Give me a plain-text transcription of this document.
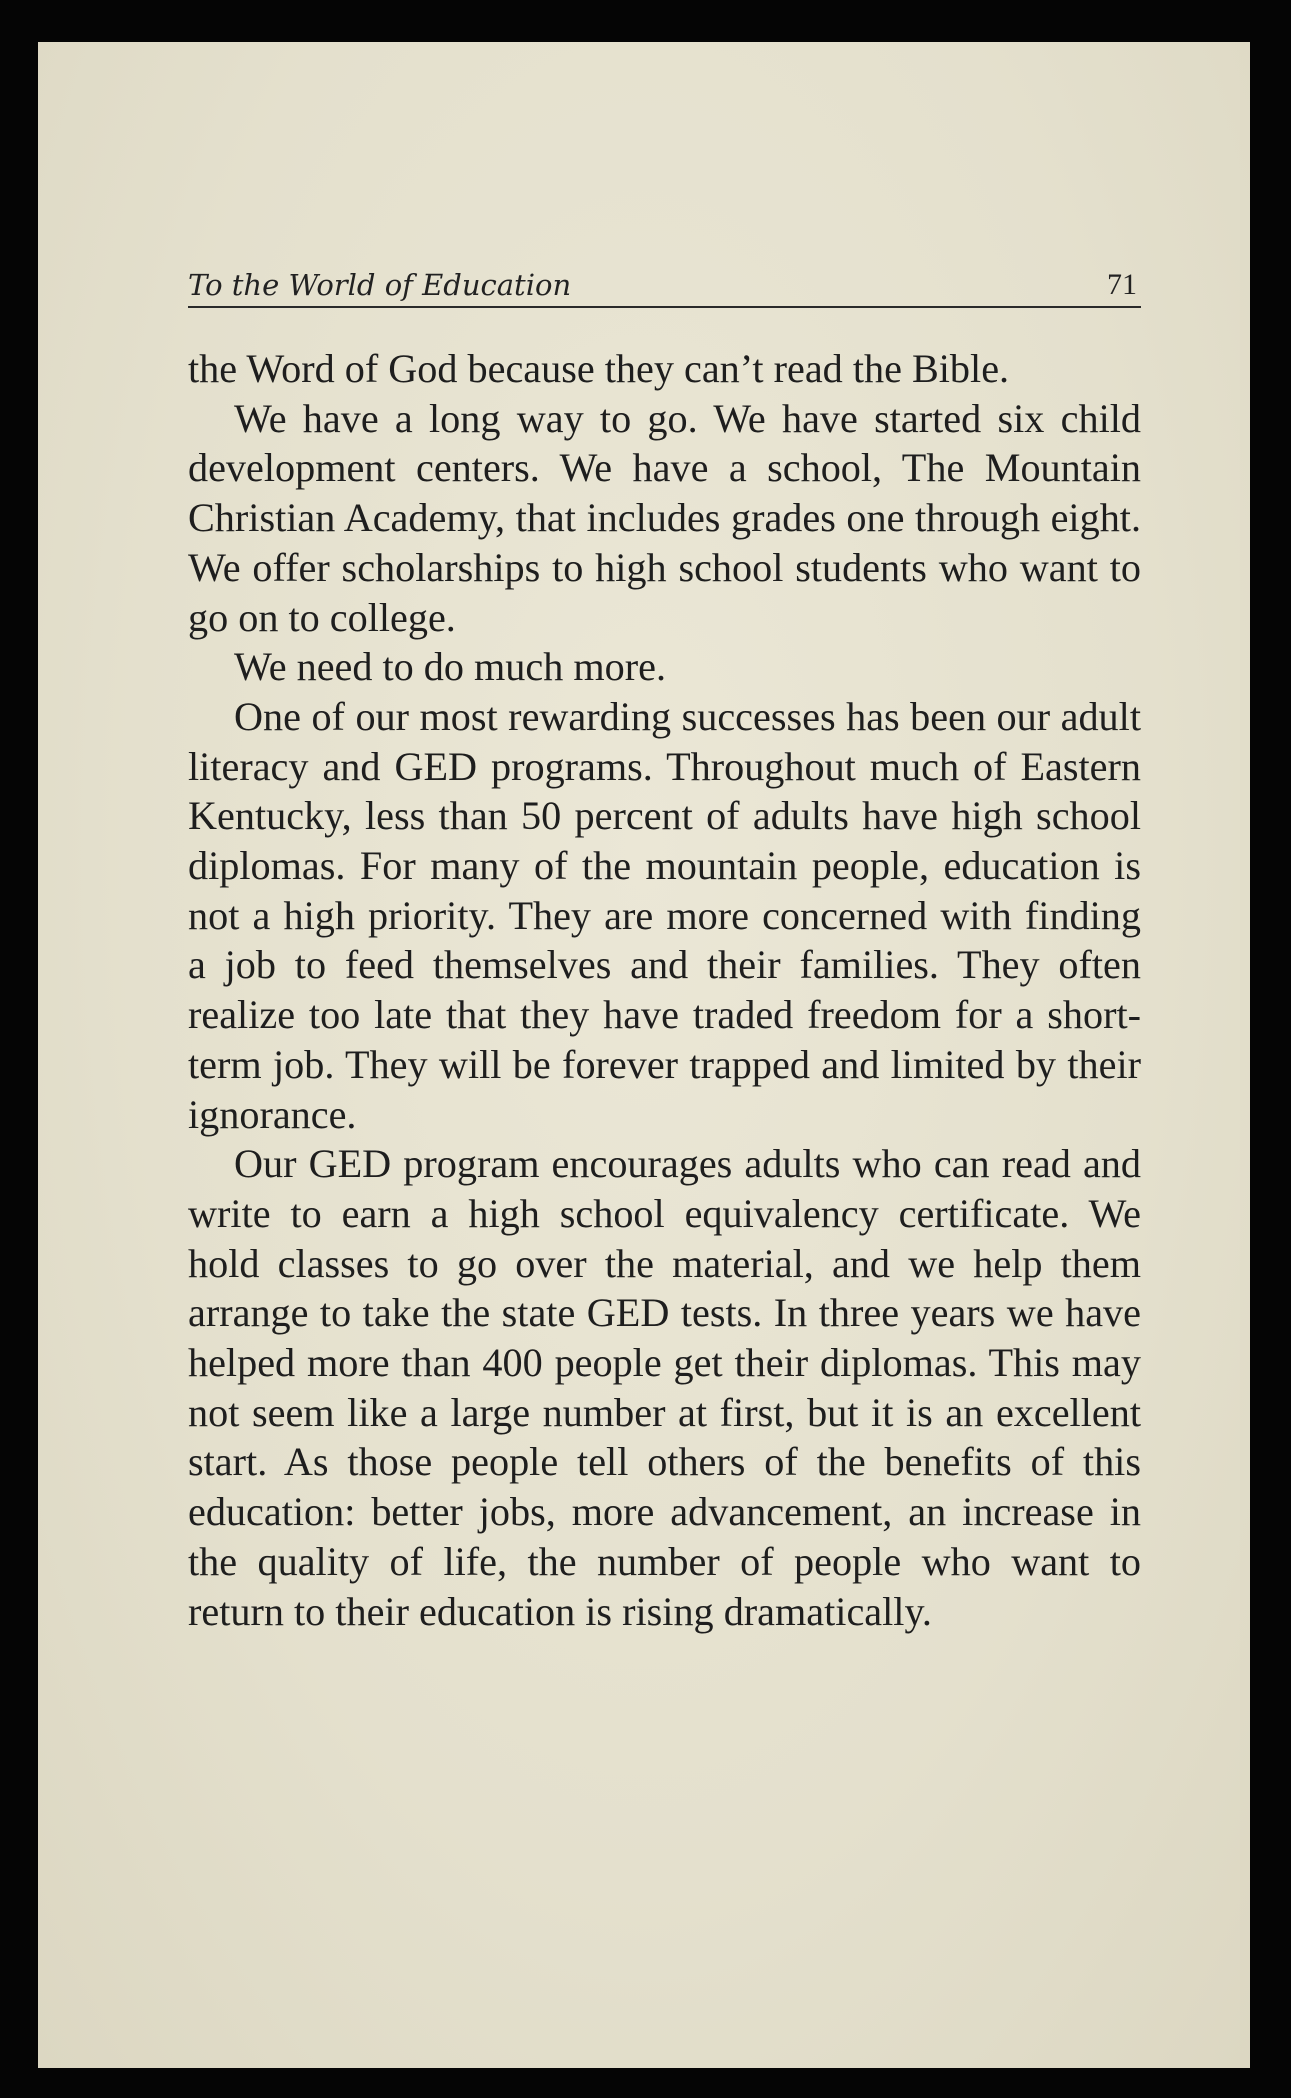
To the World of Education	71

the Word of God because they can’t read the Bible.

We have a long way to go. We have started six child development centers. We have a school, The Mountain Christian Academy, that includes grades one through eight. We offer scholarships to high school students who want to go on to college.

We need to do much more.

One of our most rewarding successes has been our adult literacy and GED programs. Throughout much of Eastern Kentucky, less than 50 percent of adults have high school diplomas. For many of the mountain people, education is not a high priority. They are more concerned with finding a job to feed themselves and their families. They often realize too late that they have traded freedom for a short-term job. They will be forever trapped and limited by their ignorance.

Our GED program encourages adults who can read and write to earn a high school equivalency certificate. We hold classes to go over the material, and we help them arrange to take the state GED tests. In three years we have helped more than 400 people get their diplomas. This may not seem like a large number at first, but it is an excellent start. As those people tell others of the benefits of this education: better jobs, more advancement, an increase in the quality of life, the number of people who want to return to their education is rising dramatically.
